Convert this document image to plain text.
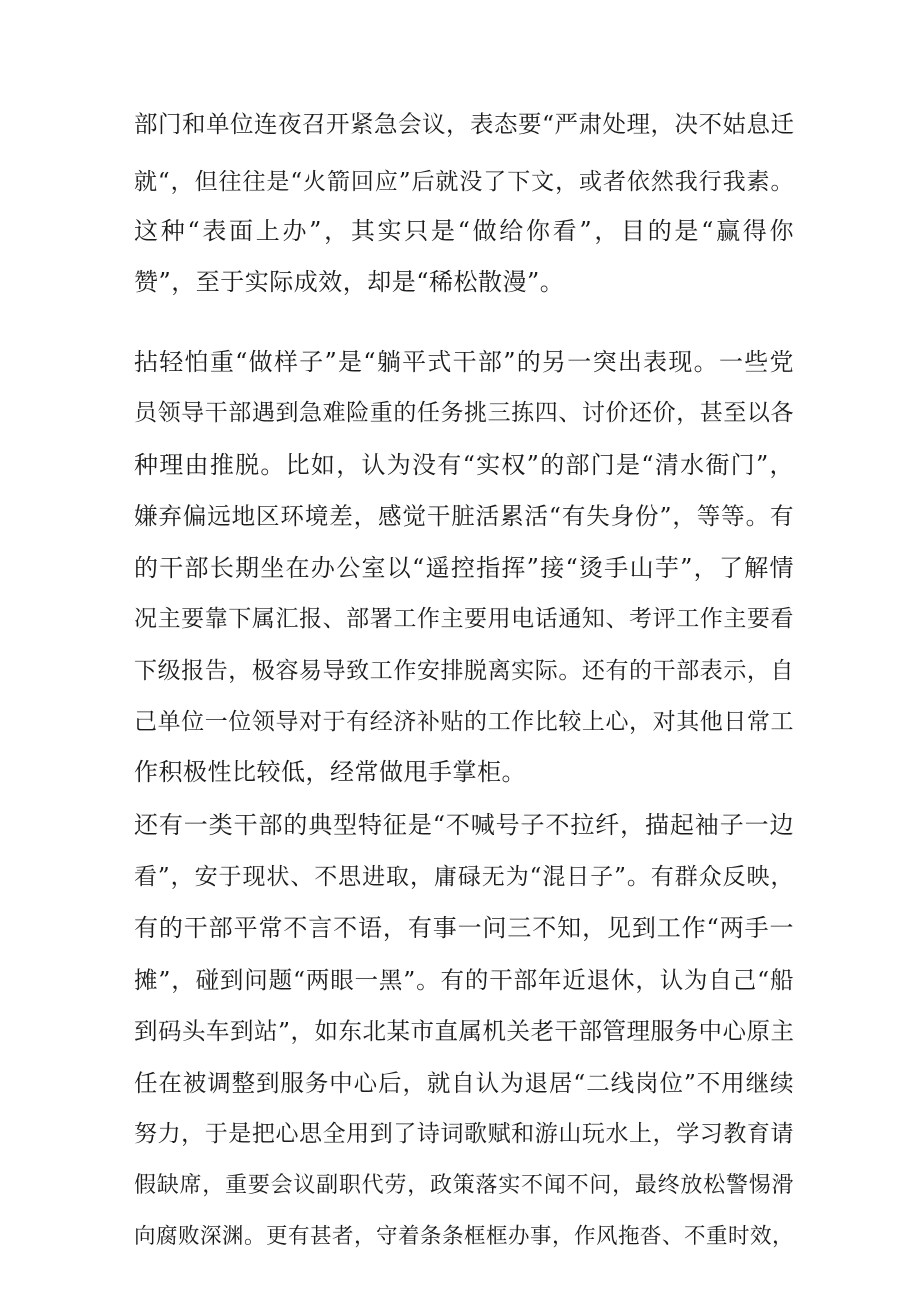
部门和单位连夜召开紧急会议，表态要“严肃处理，决不姑息迁
就“，但往往是“火箭回应”后就没了下文，或者依然我行我素。
这种“表面上办”，其实只是“做给你看”，目的是“赢得你
赞”，至于实际成效，却是“稀松散漫”。
拈轻怕重“做样子”是“躺平式干部”的另一突出表现。一些党
员领导干部遇到急难险重的任务挑三拣四、讨价还价，甚至以各
种理由推脱。比如，认为没有“实权”的部门是“清水衙门”，
嫌弃偏远地区环境差，感觉干脏活累活“有失身份”，等等。有
的干部长期坐在办公室以“遥控指挥”接“烫手山芋”，了解情
况主要靠下属汇报、部署工作主要用电话通知、考评工作主要看
下级报告，极容易导致工作安排脱离实际。还有的干部表示，自
己单位一位领导对于有经济补贴的工作比较上心，对其他日常工
作积极性比较低，经常做甩手掌柜。
还有一类干部的典型特征是“不喊号子不拉纤，描起袖子一边
看”，安于现状、不思进取，庸碌无为“混日子”。有群众反映，
有的干部平常不言不语，有事一问三不知，见到工作“两手一
摊”，碰到问题“两眼一黑”。有的干部年近退休，认为自己“船
到码头车到站”，如东北某市直属机关老干部管理服务中心原主
任在被调整到服务中心后，就自认为退居“二线岗位”不用继续
努力，于是把心思全用到了诗词歌赋和游山玩水上，学习教育请
假缺席，重要会议副职代劳，政策落实不闻不问，最终放松警惕滑
向腐败深渊。更有甚者，守着条条框框办事，作风拖沓、不重时效，
